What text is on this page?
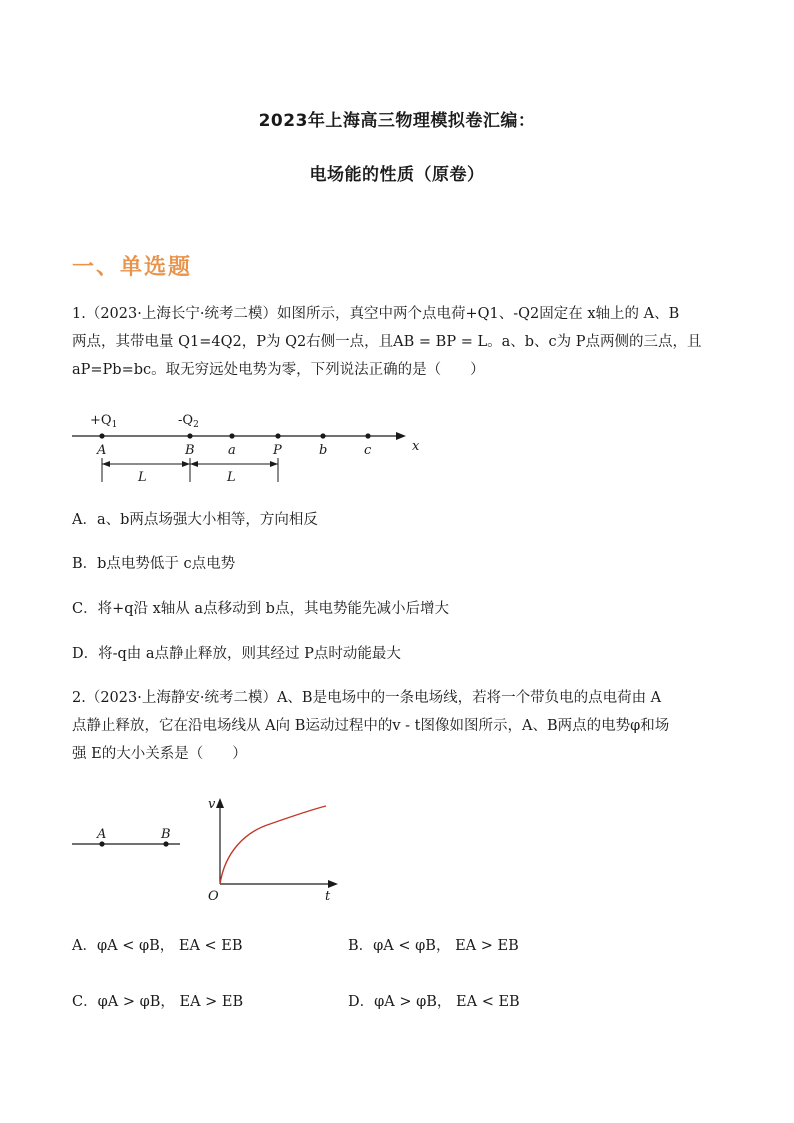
2023年上海高三物理模拟卷汇编：
电场能的性质（原卷）
一、单选题
1.（2023·上海长宁·统考二模）如图所示，真空中两个点电荷+Q1、-Q2固定在 x轴上的 A、B
两点，其带电量 Q1=4Q2，P为 Q2右侧一点，且AB = BP = L。a、b、c为 P点两侧的三点，且
aP=Pb=bc。取无穷远处电势为零，下列说法正确的是（　　）
x
$+Q_1$	$-Q_2$
A	B	a	P	b	c
L	L
A．a、b两点场强大小相等，方向相反
B．b点电势低于 c点电势
C．将+q沿 x轴从 a点移动到 b点，其电势能先减小后增大
D．将-q由 a点静止释放，则其经过 P点时动能最大
2.（2023·上海静安·统考二模）A、B是电场中的一条电场线，若将一个带负电的点电荷由 A
点静止释放，它在沿电场线从 A向 B运动过程中的v - t图像如图所示，A、B两点的电势φ和场
强 E的大小关系是（　　）
A	B
v
t
O
A．φA < φB， EA < EB	B．φA < φB， EA > EB
C．φA > φB， EA > EB	D．φA > φB， EA < EB
